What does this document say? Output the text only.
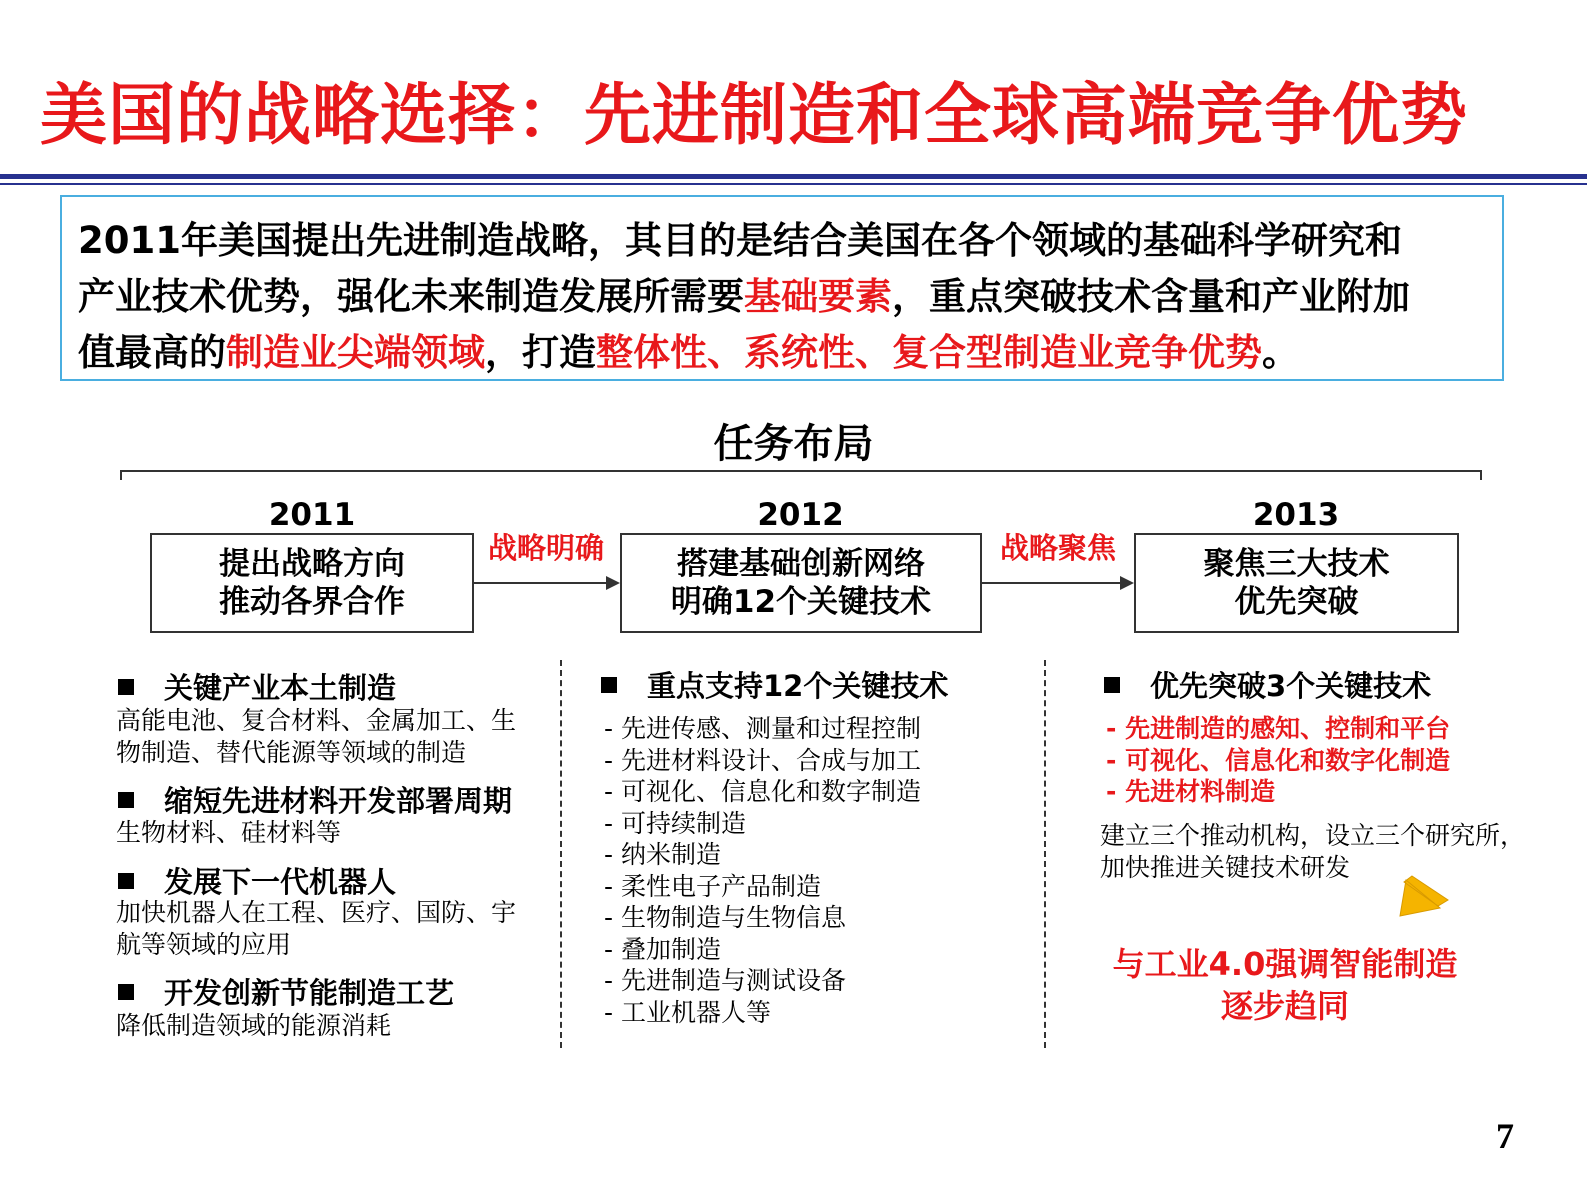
美国的战略选择：先进制造和全球高端竞争优势
2011年美国提出先进制造战略，其目的是结合美国在各个领域的基础科学研究和
产业技术优势，强化未来制造发展所需要基础要素，重点突破技术含量和产业附加
值最高的制造业尖端领域，打造整体性、系统性、复合型制造业竞争优势。
任务布局
2011	2012	2013
提出战略方向
推动各界合作
搭建基础创新网络
明确12个关键技术
聚焦三大技术
优先突破
战略明确	战略聚焦
关键产业本土制造
高能电池、复合材料、金属加工、生
物制造、替代能源等领域的制造
缩短先进材料开发部署周期
生物材料、硅材料等
发展下一代机器人
加快机器人在工程、医疗、国防、宇
航等领域的应用
开发创新节能制造工艺
降低制造领域的能源消耗
重点支持12个关键技术
- 先进传感、测量和过程控制
- 先进材料设计、合成与加工
- 可视化、信息化和数字制造
- 可持续制造
- 纳米制造
- 柔性电子产品制造
- 生物制造与生物信息
- 叠加制造
- 先进制造与测试设备
- 工业机器人等
优先突破3个关键技术
- 先进制造的感知、控制和平台
- 可视化、信息化和数字化制造
- 先进材料制造
建立三个推动机构，设立三个研究所，
加快推进关键技术研发
与工业4.0强调智能制造
逐步趋同
7
